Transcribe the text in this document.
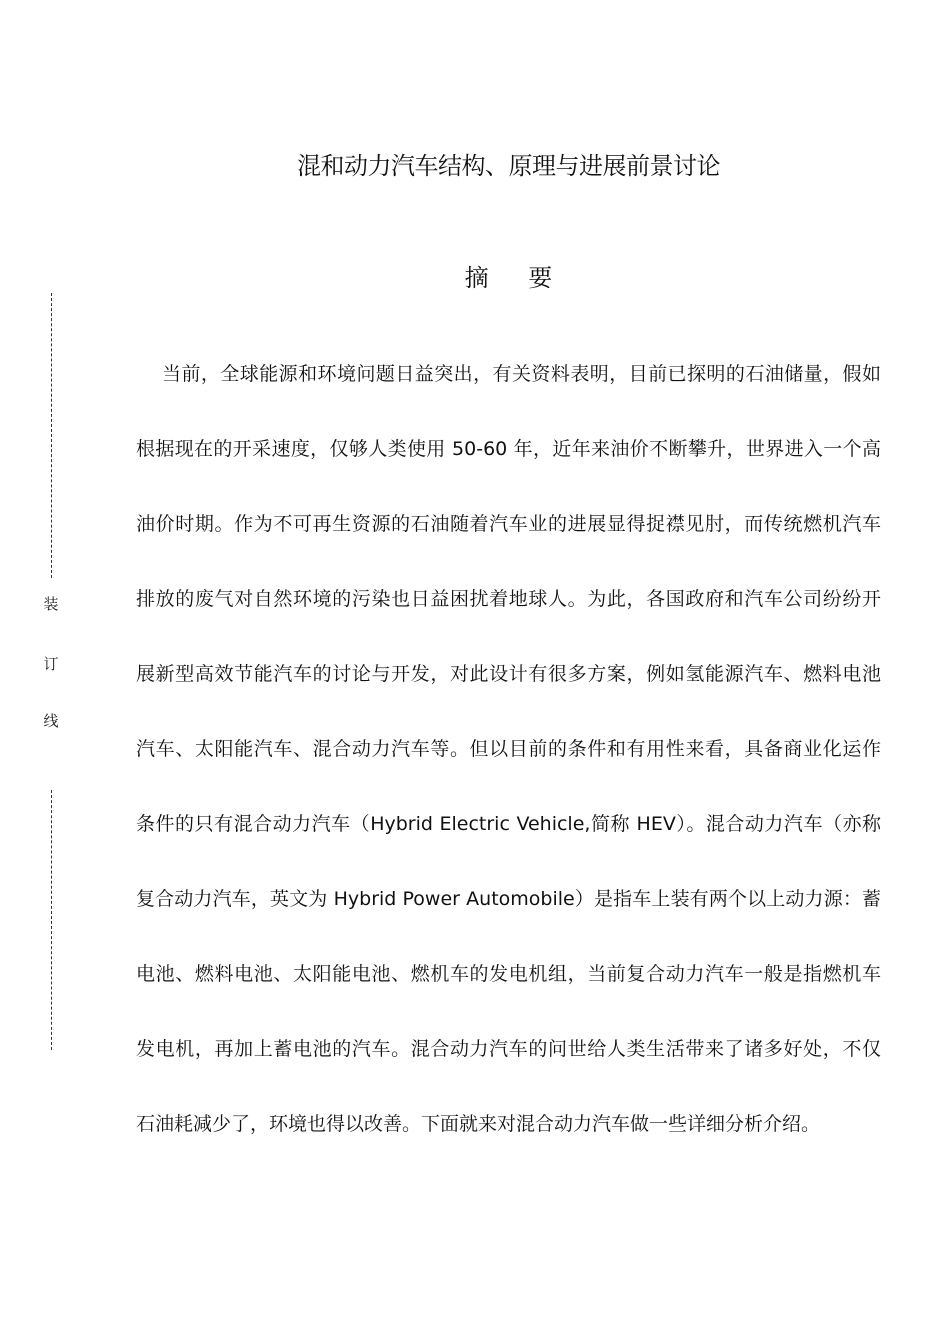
装
订
线
混和动力汽车结构、原理与进展前景讨论
摘 要
当前，全球能源和环境问题日益突出，有关资料表明，目前已探明的石油储量，假如
根据现在的开采速度，仅够人类使用 50-60 年，近年来油价不断攀升，世界进入一个高
油价时期。作为不可再生资源的石油随着汽车业的进展显得捉襟见肘，而传统燃机汽车
排放的废气对自然环境的污染也日益困扰着地球人。为此，各国政府和汽车公司纷纷开
展新型高效节能汽车的讨论与开发，对此设计有很多方案，例如氢能源汽车、燃料电池
汽车、太阳能汽车、混合动力汽车等。但以目前的条件和有用性来看，具备商业化运作
条件的只有混合动力汽车（Hybrid Electric Vehicle,简称 HEV）。混合动力汽车（亦称
复合动力汽车，英文为 Hybrid Power Automobile）是指车上装有两个以上动力源：蓄
电池、燃料电池、太阳能电池、燃机车的发电机组，当前复合动力汽车一般是指燃机车
发电机，再加上蓄电池的汽车。混合动力汽车的问世给人类生活带来了诸多好处，不仅
石油耗减少了，环境也得以改善。下面就来对混合动力汽车做一些详细分析介绍。
